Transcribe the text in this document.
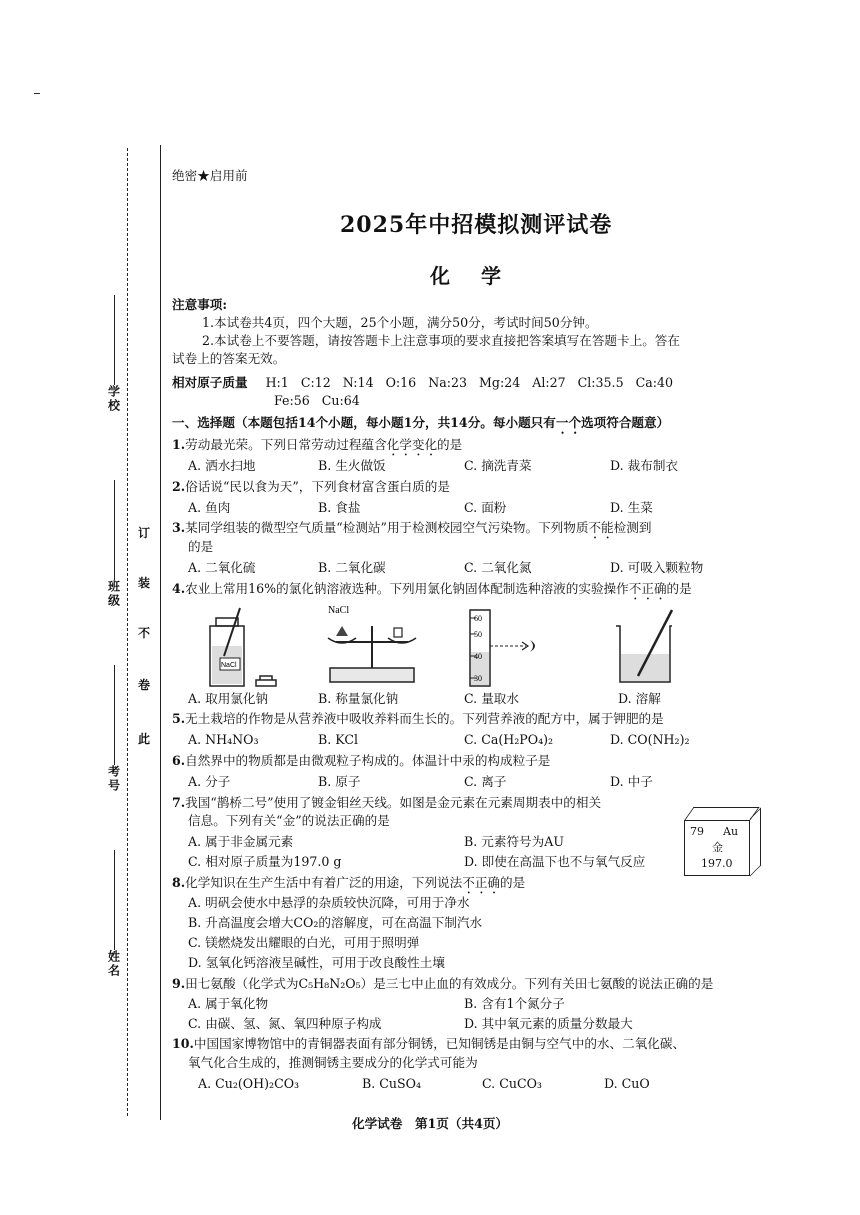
学校
班级
考号
姓名
订
装
不
卷
此
绝密★启用前
2025年中招模拟测评试卷
化 学
注意事项:
1.本试卷共4页，四个大题，25个小题，满分50分，考试时间50分钟。
2.本试卷上不要答题，请按答题卡上注意事项的要求直接把答案填写在答题卡上。答在
试卷上的答案无效。
相对原子质量 H:1   C:12   N:14   O:16   Na:23   Mg:24   Al:27   Cl:35.5   Ca:40
Fe:56   Cu:64
一、选择题（本题包括14个小题，每小题1分，共14分。每小题只有一个选项符合题意）
1.劳动最光荣。下列日常劳动过程蕴含化学变化的是
A. 洒水扫地	B. 生火做饭	C. 摘洗青菜	D. 裁布制衣
2.俗话说“民以食为天”，下列食材富含蛋白质的是
A. 鱼肉	B. 食盐	C. 面粉	D. 生菜
3.某同学组装的微型空气质量“检测站”用于检测校园空气污染物。下列物质不能检测到
的是
A. 二氧化硫	B. 二氧化碳	C. 二氧化氮	D. 可吸入颗粒物
4.农业上常用16%的氯化钠溶液选种。下列用氯化钠固体配制选种溶液的实验操作不正确的是
NaCl
NaCl
60
50
40
30
A. 取用氯化钠	B. 称量氯化钠	C. 量取水	D. 溶解
5.无土栽培的作物是从营养液中吸收养料而生长的。下列营养液的配方中，属于钾肥的是
A. NH₄NO₃	B. KCl	C. Ca(H₂PO₄)₂	D. CO(NH₂)₂
6.自然界中的物质都是由微观粒子构成的。体温计中汞的构成粒子是
A. 分子	B. 原子	C. 离子	D. 中子
7.我国“鹊桥二号”使用了镀金钼丝天线。如图是金元素在元素周期表中的相关
信息。下列有关“金”的说法正确的是
A. 属于非金属元素	B. 元素符号为AU
C. 相对原子质量为197.0 g	D. 即使在高温下也不与氧气反应
8.化学知识在生产生活中有着广泛的用途，下列说法不正确的是
A. 明矾会使水中悬浮的杂质较快沉降，可用于净水
B. 升高温度会增大CO₂的溶解度，可在高温下制汽水
C. 镁燃烧发出耀眼的白光，可用于照明弹
D. 氢氧化钙溶液呈碱性，可用于改良酸性土壤
9.田七氨酸（化学式为C₅H₈N₂O₅）是三七中止血的有效成分。下列有关田七氨酸的说法正确的是
A. 属于氧化物	B. 含有1个氮分子
C. 由碳、氢、氮、氧四种原子构成	D. 其中氧元素的质量分数最大
10.中国国家博物馆中的青铜器表面有部分铜锈，已知铜锈是由铜与空气中的水、二氧化碳、
氧气化合生成的，推测铜锈主要成分的化学式可能为
A. Cu₂(OH)₂CO₃	B. CuSO₄	C. CuCO₃	D. CuO
79 Au
金
197.0
化学试卷　第1页（共4页）
